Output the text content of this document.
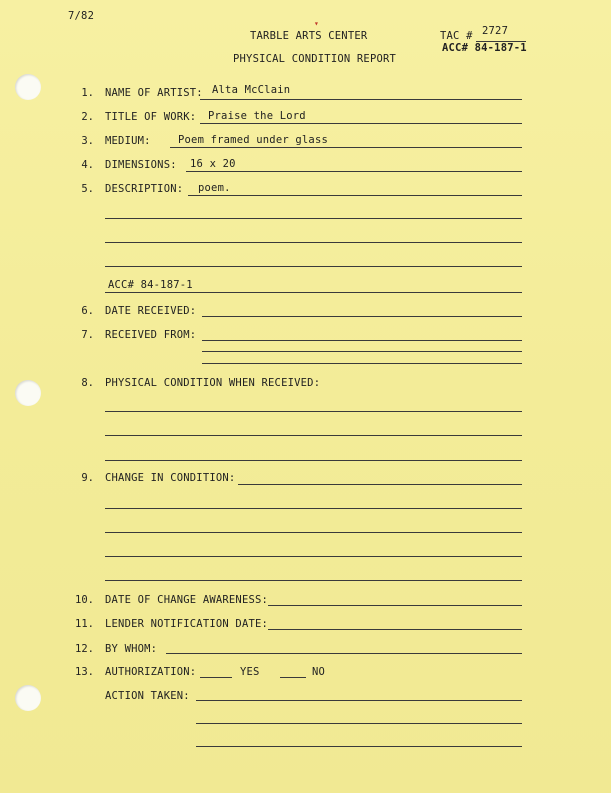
7/82
▾
TARBLE ARTS CENTER
PHYSICAL CONDITION REPORT
TAC # 2727
ACC# 84-187-1
1. NAME OF ARTIST: Alta McClain
2. TITLE OF WORK: Praise the Lord
3. MEDIUM:	Poem framed under glass
4. DIMENSIONS: 16 x 20
5. DESCRIPTION: poem.
ACC# 84-187-1
6. DATE RECEIVED:
7. RECEIVED FROM:
8. PHYSICAL CONDITION WHEN RECEIVED:
9. CHANGE IN CONDITION:
10. DATE OF CHANGE AWARENESS:
11. LENDER NOTIFICATION DATE:
12. BY WHOM:
13. AUTHORIZATION:	YES	NO
ACTION TAKEN:
